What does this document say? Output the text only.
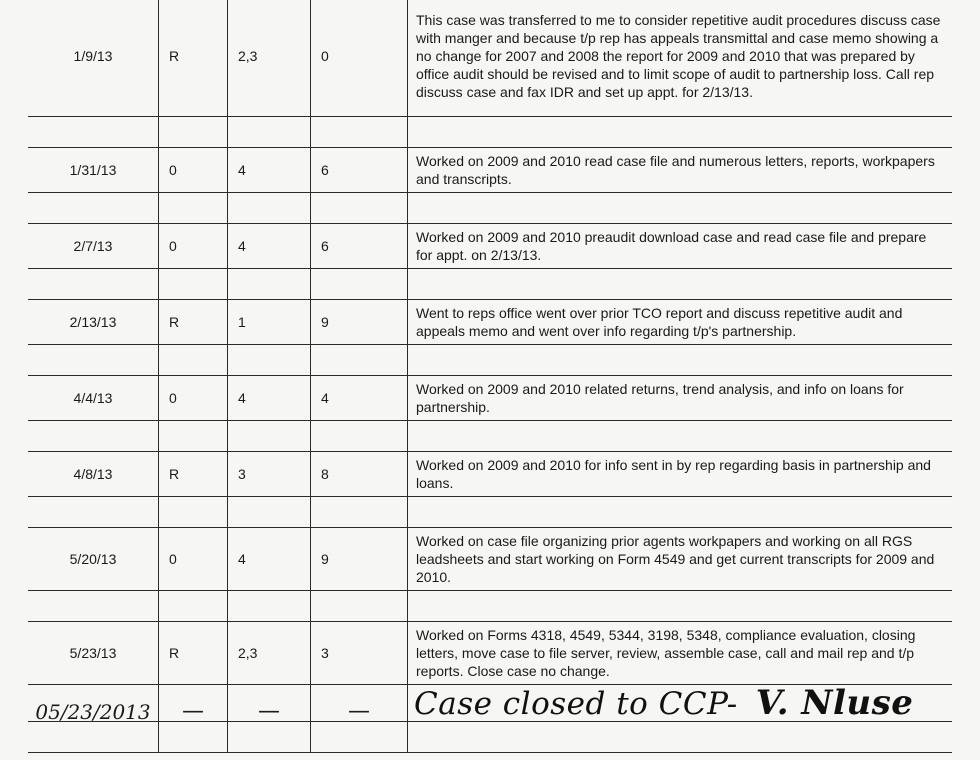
1/9/13	R	2,3	0	This case was transferred to me to consider repetitive audit procedures discuss case with manger and because t/p rep has appeals transmittal and case memo showing a no change for 2007 and 2008 the report for 2009 and 2010 that was prepared by office audit should be revised and to limit scope of audit to partnership loss. Call rep discuss case and fax IDR and set up appt. for 2/13/13.

1/31/13	0	4	6	Worked on 2009 and 2010 read case file and numerous letters, reports, workpapers and transcripts.

2/7/13	0	4	6	Worked on 2009 and 2010 preaudit download case and read case file and prepare for appt. on 2/13/13.

2/13/13	R	1	9	Went to reps office went over prior TCO report and discuss repetitive audit and appeals memo and went over info regarding t/p's partnership.

4/4/13	0	4	4	Worked on 2009 and 2010 related returns, trend analysis, and info on loans for partnership.

4/8/13	R	3	8	Worked on 2009 and 2010 for info sent in by rep regarding basis in partnership and loans.

5/20/13	0	4	9	Worked on case file organizing prior agents workpapers and working on all RGS leadsheets and start working on Form 4549 and get current transcripts for 2009 and 2010.

5/23/13	R	2,3	3	Worked on Forms 4318, 4549, 5344, 3198, 5348, compliance evaluation, closing letters, move case to file server, review, assemble case, call and mail rep and t/p reports. Close case no change.

05/23/2013	—	—	—	Case closed to CCP- V. Nluse
